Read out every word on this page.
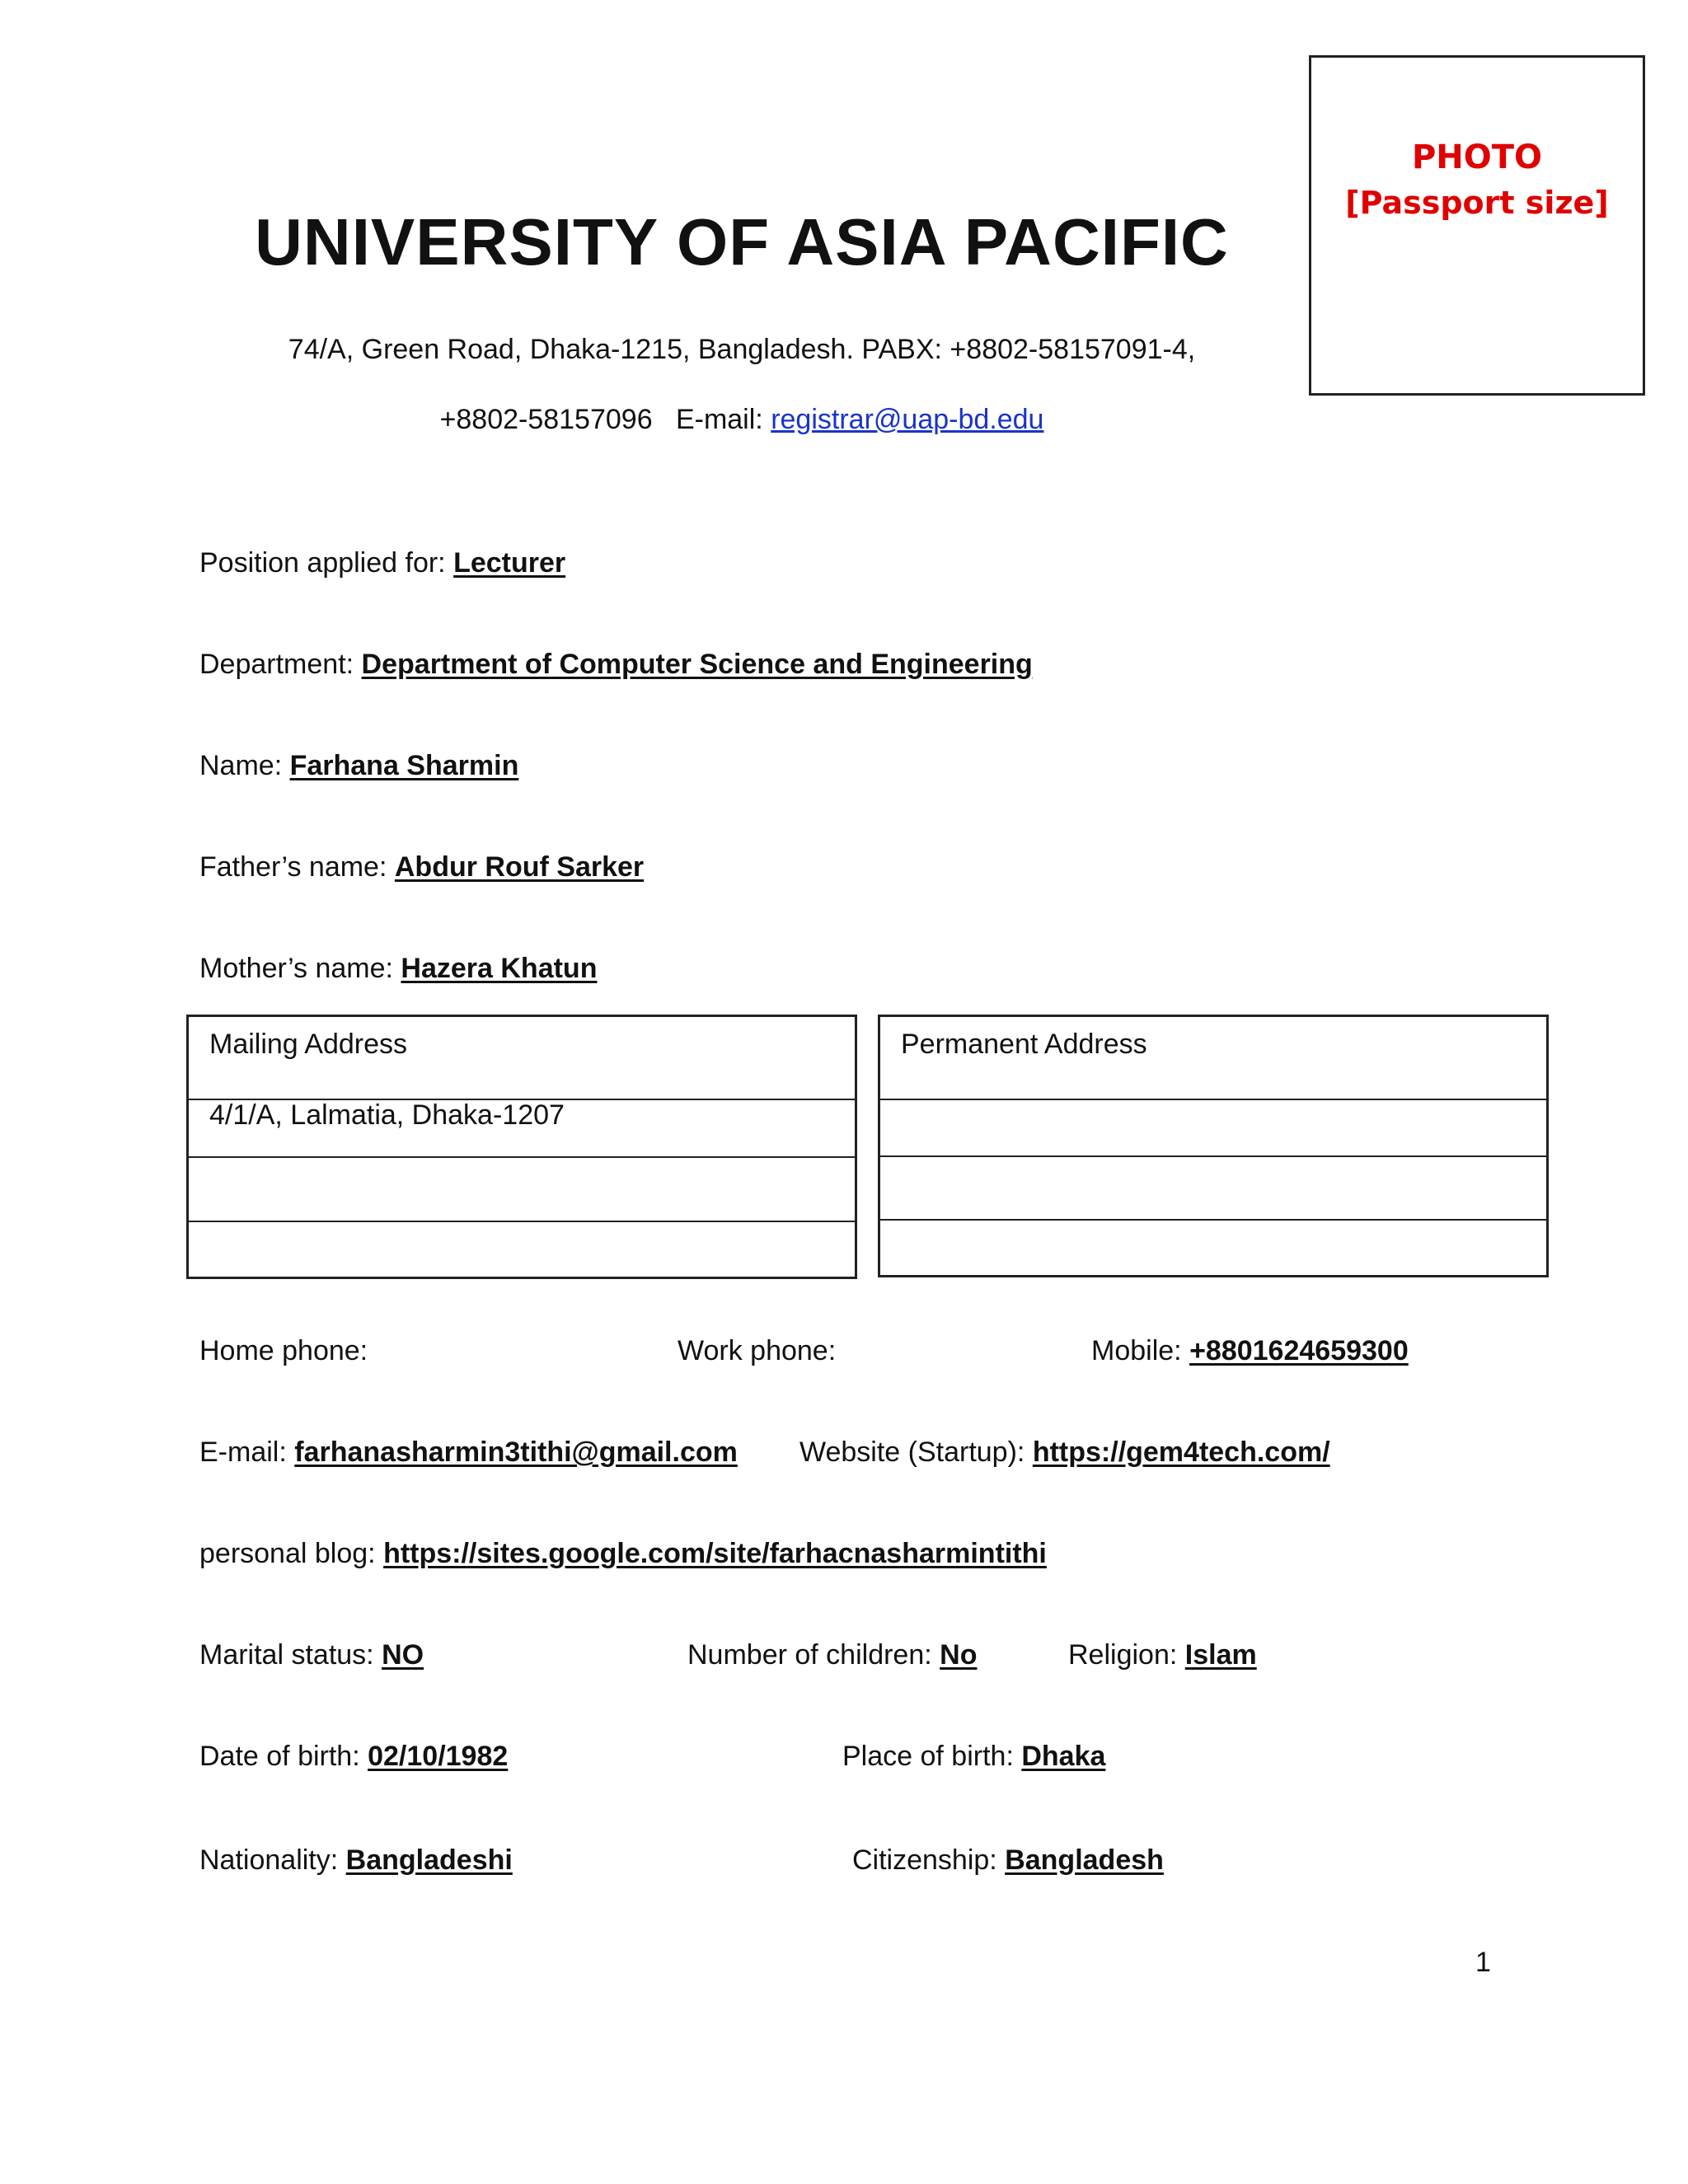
UNIVERSITY OF ASIA PACIFIC
74/A, Green Road, Dhaka-1215, Bangladesh. PABX: +8802-58157091-4,
+8802-58157096 E-mail: registrar@uap-bd.edu
PHOTO
[Passport size]
Position applied for: Lecturer
Department: Department of Computer Science and Engineering
Name: Farhana Sharmin
Father’s name: Abdur Rouf Sarker
Mother’s name: Hazera Khatun
Mailing Address
4/1/A, Lalmatia, Dhaka-1207
Permanent Address
Home phone:	Work phone:	Mobile: +8801624659300
E-mail: farhanasharmin3tithi@gmail.com Website (Startup): https://gem4tech.com/
personal blog: https://sites.google.com/site/farhacnasharmintithi
Marital status: NO	Number of children: No	Religion: Islam
Date of birth: 02/10/1982	Place of birth: Dhaka
Nationality: Bangladeshi	Citizenship: Bangladesh
1
